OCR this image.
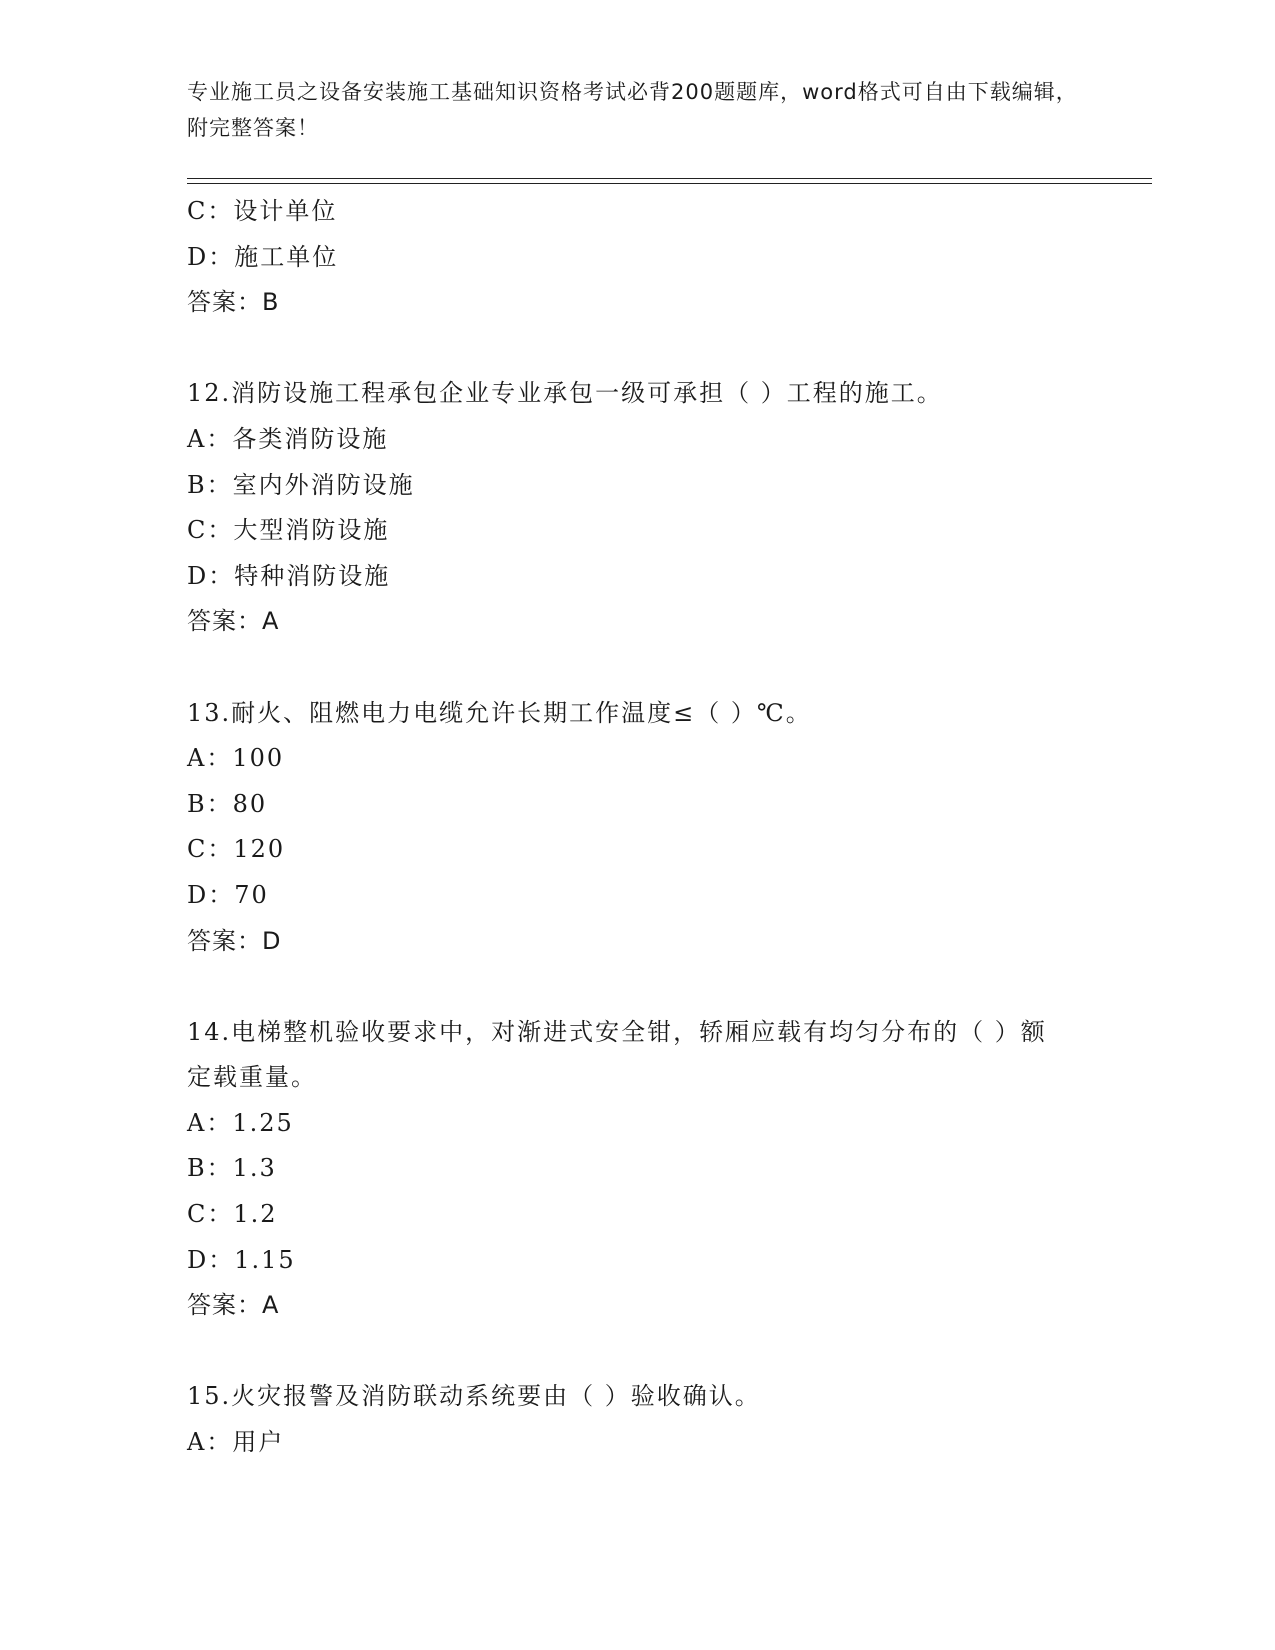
专业施工员之设备安装施工基础知识资格考试必背200题题库，word格式可自由下载编辑，附完整答案！
C：设计单位
D：施工单位
答案：B
12.消防设施工程承包企业专业承包一级可承担（ ）工程的施工。
A：各类消防设施
B：室内外消防设施
C：大型消防设施
D：特种消防设施
答案：A
13.耐火、阻燃电力电缆允许长期工作温度≤（ ）℃。
A：100
B：80
C：120
D：70
答案：D
14.电梯整机验收要求中，对渐进式安全钳，轿厢应载有均匀分布的（ ）额定载重量。
A：1.25
B：1.3
C：1.2
D：1.15
答案：A
15.火灾报警及消防联动系统要由（ ）验收确认。
A：用户
